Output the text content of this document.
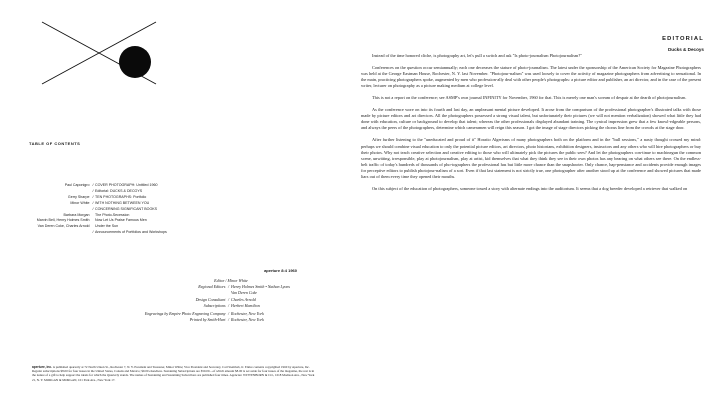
TABLE OF CONTENTS
Paul Caponigro / COVER PHOTOGRAPH: Untitled 1960
/ Editorial: DUCKS & DECOYS
Gerry Sharpe / TEN PHOTOGRAPHS: Portfolio
Minor White / WITH NOTHING BETWEEN YOU
/ CONCERNING SIGNIFICANT BOOKS
Barbara Morgan	The Photo-Secession
Marvin Bell, Henry Holmes Smith	Now Let Us Praise Famous Men
Van Deren Coke, Charles Arnold	Under the Sun
/ Announcements of Portfolios and Workshops
aperture 8:4 1960
Editor / Minor White
Regional Editors / Henry Holmes Smith • Nathan Lyons
Van Deren Coke
Design Consultant / Charles Arnold
Subscriptions / Herbert Hamilton
Engravings by Empire Photo Engraving Company / Rochester, New York
Printed by Smith-Hart / Rochester, New York
aperture, inc. is published quarterly at 72 North Union St., Rochester 7, N. Y. President and Treasurer, Minor White; Vice President and Secretary, Carl Siembab, Jr. Entire contents copyrighted 1960 by Aperture, Inc. Regular subscriptions $8.00 for four issues in the United States, Canada and Mexico; $9.00 elsewhere. Sustaining Subscriptions are $50.00—of which amount $8.00 is set aside for four issues of the magazine, the rest is in the nature of a gift to help support the ideals for which the Quarterly stands. The names of Sustaining and Sustaining Subscribers are published four times. Agencies: WITTENBORN & CO., 1018 Madison Ave., New York 21, N. Y. MORGAN & MORGAN, 101 Park Ave., New York 17.
EDITORIAL
Ducks & Decoys

Instead of the time honored cliche, is photography art, let's pull a switch and ask "Is photo-journalism Photojournalism?"

Conferences on the question occur semiannually; each one decreases the stature of photo-journalism. The latest under the sponsorship of the American Society for Magazine Photographers was held at the George Eastman House, Rochester, N. Y. last November. "Photojour-nalism" was used loosely to cover the activity of magazine photographers from advertising to sensational. In the main, practicing photographers spoke, augmented by men who profession-ally deal with other people's photographs: a picture editor and publisher, an art director, and in the case of the present writer, lecturer on photography as a picture making medium at college level.

This is not a report on the conference; see ASMP's own journal INFINITY for November, 1960 for that. This is merely one man's scream of despair at the dearth of photojournalism.

As the conference wore on into its fourth and last day, an unpleasant mental picture developed. It arose from the comparison of the professional photographer's illustrated talks with those made by picture editors and art directors. All the photographers possessed a strong visual talent, but unfortunately their pictures (we will not mention verbalization) showed what little they had done with education, culture or background to develop that talent; whereas the other professionals displayed abundant training. The cynical impression grew that a few knowl-edgeable persons, and always the peers of the photographers, determine which cameramen will reign this season. I got the image of stage directors picking the chorus line from the crowds at the stage door.

After further listening to the "uneducated and proud of it" Horatio Algerisms of many photographers both on the platform and in the "bull sessions," a nasty thought crossed my mind: perhaps we should combine visual education to only the potential picture editors, art directors, photo historians, exhibition designers, instructors and any others who will hire photographers or buy their photos. Why not teach creative selection and creative editing to those who will ultimately pick the pictures the public sees? And let the photographers con-tinue to machinegun the common scene, unwitting, irresponsible, play at photojournalism, play at artist, kid themselves that what they think they see in their own photos has any bearing on what others see there. On the endless-belt traffic of today's hundreds of thousands of pho-tographers the professional has but little more chance than the snapshooter. Only chance, hap-penstance and accidents provide enough images for perceptive editors to publish photojour-nalism of a sort. Even if that last statement is not strictly true, one photographer after another stood up at the conference and showed pictures that made liars out of them every time they opened their mouths.

On this subject of the education of photographers, someone tossed a story with alternate endings into the auditorium. It seems that a dog breeder developed a retriever that walked on
